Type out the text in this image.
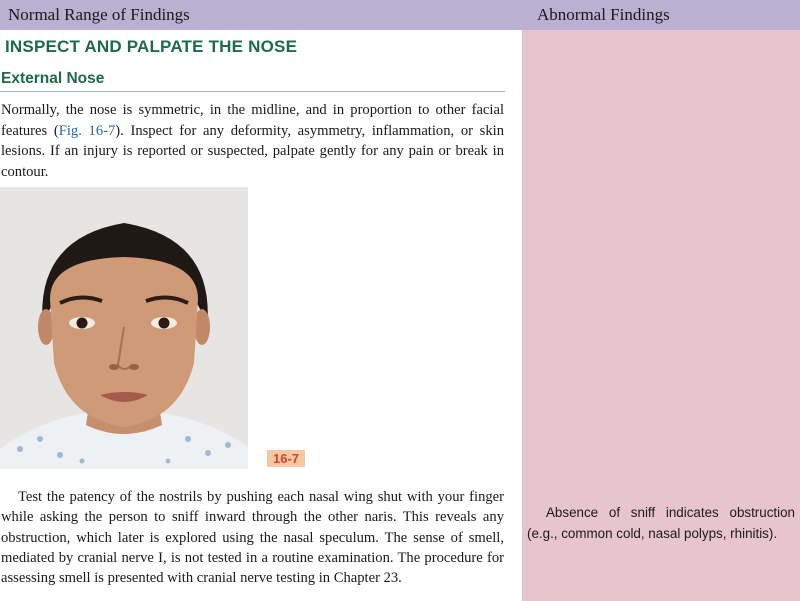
Normal Range of Findings	Abnormal Findings
INSPECT AND PALPATE THE NOSE
External Nose

Normally, the nose is symmetric, in the midline, and in proportion to other facial features (Fig. 16-7). Inspect for any deformity, asymmetry, inflammation, or skin lesions. If an injury is reported or suspected, palpate gently for any pain or break in contour.

16-7

Test the patency of the nostrils by pushing each nasal wing shut with your finger while asking the person to sniff inward through the other naris. This reveals any obstruction, which later is explored using the nasal speculum. The sense of smell, mediated by cranial nerve I, is not tested in a routine examination. The procedure for assessing smell is presented with cranial nerve testing in Chapter 23.

Absence of sniff indicates obstruction (e.g., common cold, nasal polyps, rhinitis).
